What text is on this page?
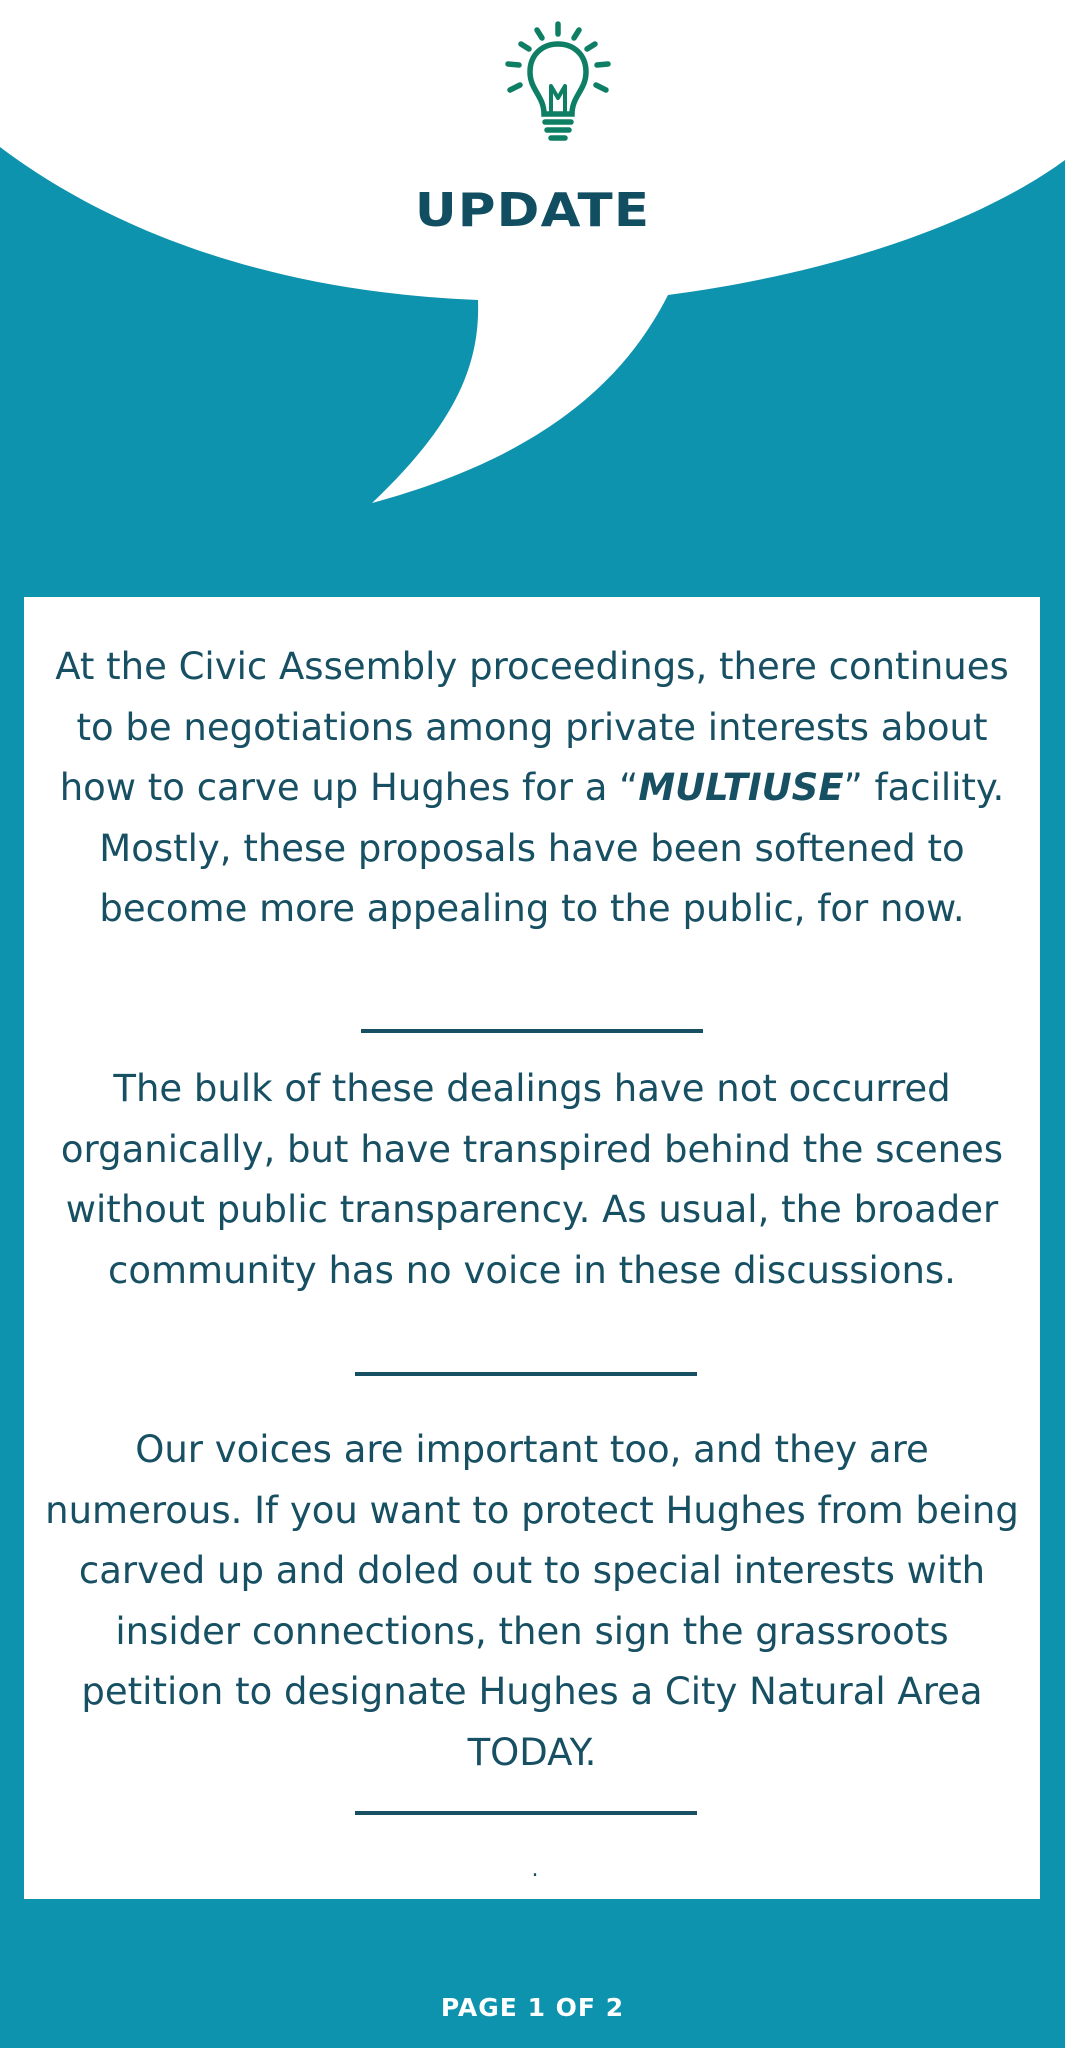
UPDATE
At the Civic Assembly proceedings, there continues to be negotiations among private interests about how to carve up Hughes for a “MULTIUSE” facility. Mostly, these proposals have been softened to become more appealing to the public, for now.
The bulk of these dealings have not occurred organically, but have transpired behind the scenes without public transparency. As usual, the broader community has no voice in these discussions.
Our voices are important too, and they are numerous. If you want to protect Hughes from being carved up and doled out to special interests with insider connections, then sign the grassroots petition to designate Hughes a City Natural Area TODAY.
.
PAGE 1 OF 2
